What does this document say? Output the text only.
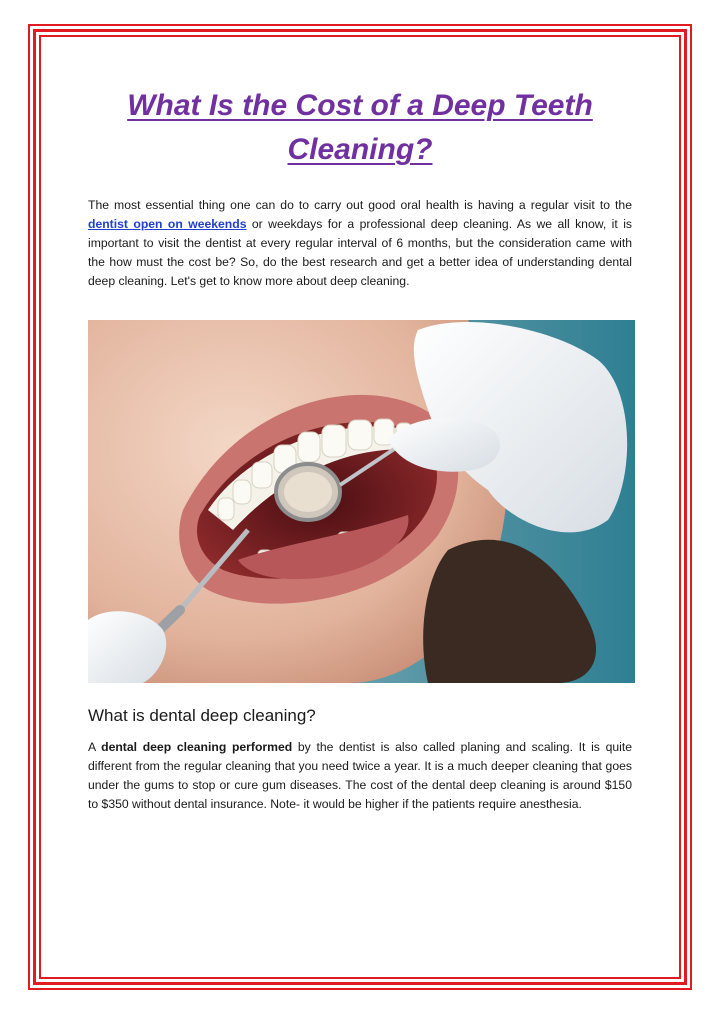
What Is the Cost of a Deep Teeth Cleaning?

The most essential thing one can do to carry out good oral health is having a regular visit to the dentist open on weekends or weekdays for a professional deep cleaning. As we all know, it is important to visit the dentist at every regular interval of 6 months, but the consideration came with the how must the cost be? So, do the best research and get a better idea of understanding dental deep cleaning. Let's get to know more about deep cleaning.

What is dental deep cleaning?

A dental deep cleaning performed by the dentist is also called planing and scaling. It is quite different from the regular cleaning that you need twice a year. It is a much deeper cleaning that goes under the gums to stop or cure gum diseases. The cost of the dental deep cleaning is around $150 to $350 without dental insurance. Note- it would be higher if the patients require anesthesia.
